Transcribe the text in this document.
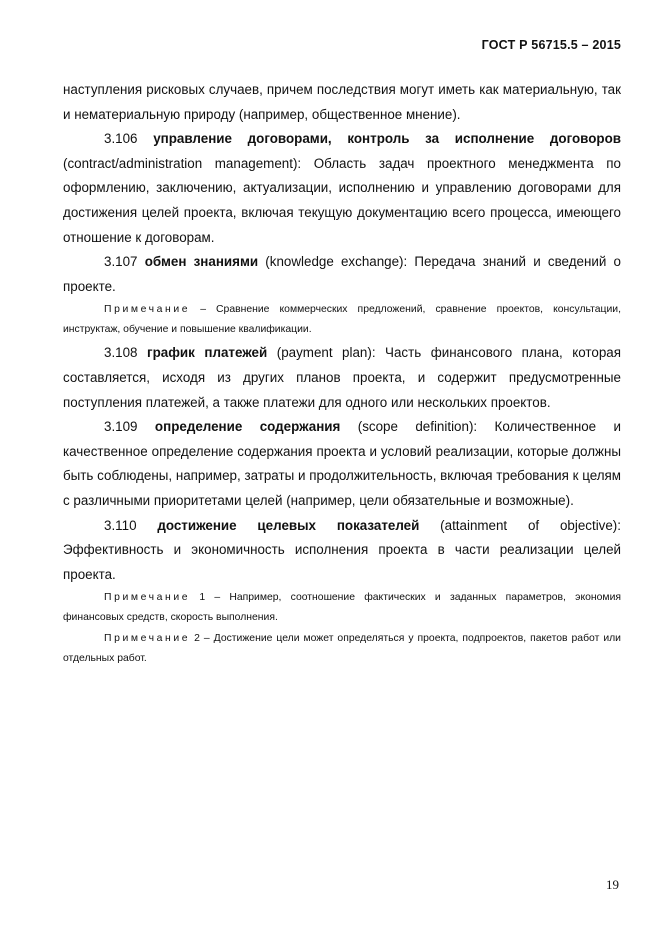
ГОСТ Р 56715.5 – 2015

наступления рисковых случаев, причем последствия могут иметь как материальную, так и нематериальную природу (например, общественное мнение).

3.106 управление договорами, контроль за исполнение договоров (contract/administration management): Область задач проектного менеджмента по оформлению, заключению, актуализации, исполнению и управлению договорами для достижения целей проекта, включая текущую документацию всего процесса, имеющего отношение к договорам.

3.107 обмен знаниями (knowledge exchange): Передача знаний и сведений о проекте.

Примечание – Сравнение коммерческих предложений, сравнение проектов, консультации, инструктаж, обучение и повышение квалификации.

3.108 график платежей (payment plan): Часть финансового плана, которая составляется, исходя из других планов проекта, и содержит предусмотренные поступления платежей, а также платежи для одного или нескольких проектов.

3.109 определение содержания (scope definition): Количественное и качественное определение содержания проекта и условий реализации, которые должны быть соблюдены, например, затраты и продолжительность, включая требования к целям с различными приоритетами целей (например, цели обязательные и возможные).

3.110 достижение целевых показателей (attainment of objective): Эффективность и экономичность исполнения проекта в части реализации целей проекта.

Примечание 1 – Например, соотношение фактических и заданных параметров, экономия финансовых средств, скорость выполнения.

Примечание 2 – Достижение цели может определяться у проекта, подпроектов, пакетов работ или отдельных работ.

19
